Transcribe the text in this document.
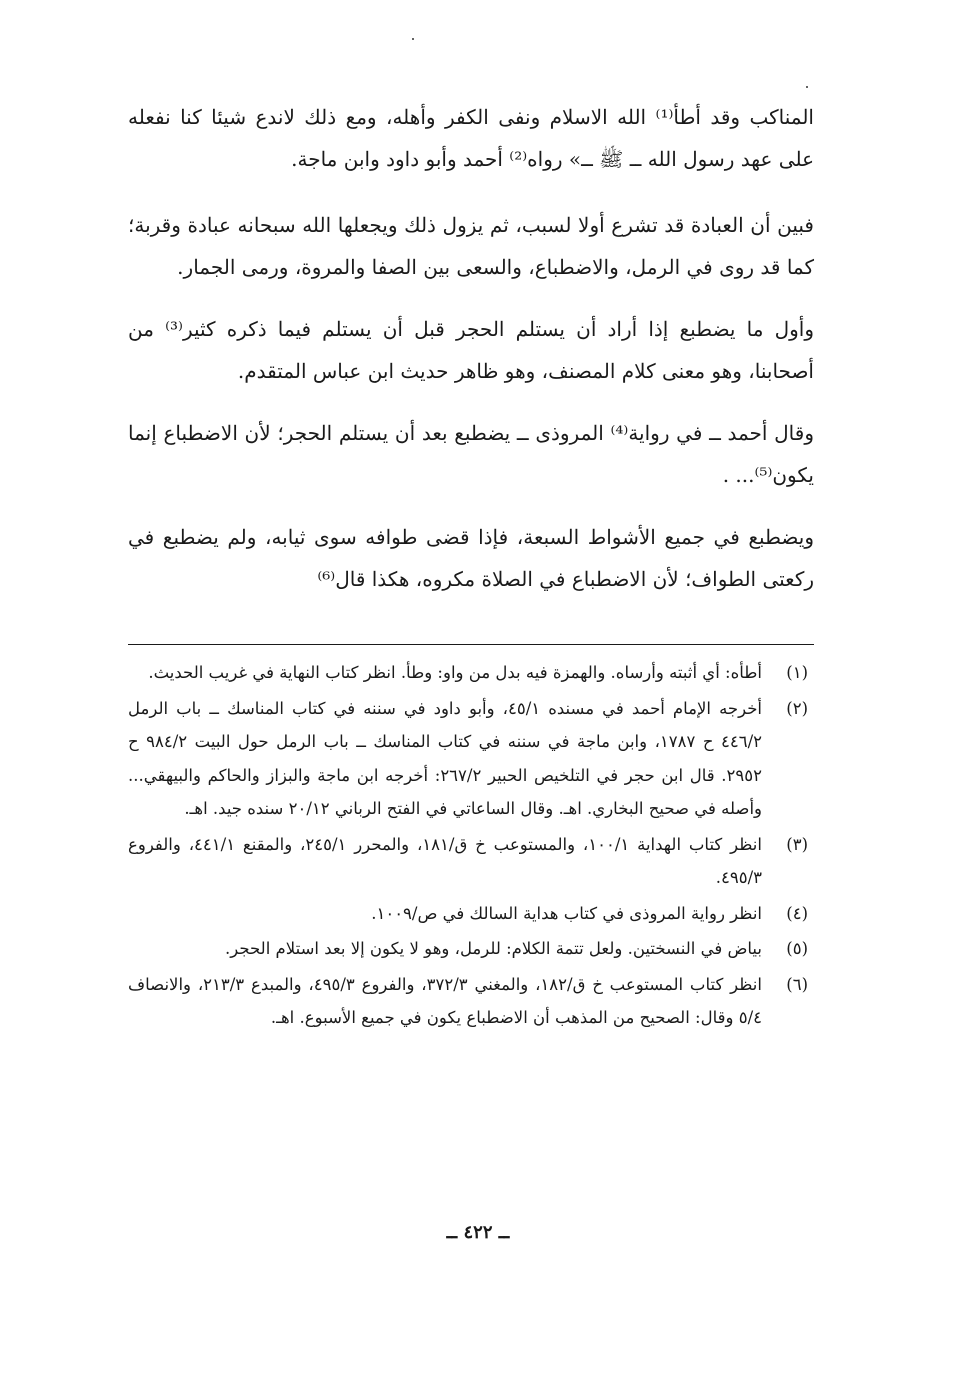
المناكب وقد أطأ⁽¹⁾ الله الاسلام ونفى الكفر وأهله، ومع ذلك لاندع شيئا كنا نفعله على عهد رسول الله ــ ﷺ ــ» رواه⁽²⁾ أحمد وأبو داود وابن ماجة.

فبين أن العبادة قد تشرع أولا لسبب، ثم يزول ذلك ويجعلها الله سبحانه عبادة وقربة؛ كما قد روى في الرمل، والاضطباع، والسعى بين الصفا والمروة، ورمى الجمار.

وأول ما يضطبع إذا أراد أن يستلم الحجر قبل أن يستلم فيما ذكره كثير⁽³⁾ من أصحابنا، وهو معنى كلام المصنف، وهو ظاهر حديث ابن عباس المتقدم.

وقال أحمد ــ في رواية⁽⁴⁾ المروذى ــ يضطبع بعد أن يستلم الحجر؛ لأن الاضطباع إنما يكون⁽⁵⁾... .

ويضطبع في جميع الأشواط السبعة، فإذا قضى طوافه سوى ثيابه، ولم يضطبع في ركعتى الطواف؛ لأن الاضطباع في الصلاة مكروه، هكذا قال⁽⁶⁾

(١)
أطأه: أي أثبته وأرساه. والهمزة فيه بدل من واو: وطأ. انظر كتاب النهاية في غريب الحديث.
(٢)
أخرجه الإمام أحمد في مسنده ٤٥/١، وأبو داود في سننه في كتاب المناسك ــ باب الرمل ٤٤٦/٢ ح ١٧٨٧، وابن ماجة في سننه في كتاب المناسك ــ باب الرمل حول البيت ٩٨٤/٢ ح ٢٩٥٢. قال ابن حجر في التلخيص الحبير ٢٦٧/٢: أخرجه ابن ماجة والبزاز والحاكم والبيهقي... وأصله في صحيح البخاري. اهـ. وقال الساعاتي في الفتح الرباني ٢٠/١٢ سنده جيد. اهـ.
(٣)
انظر كتاب الهداية ١٠٠/١، والمستوعب خ ق/١٨١، والمحرر ٢٤٥/١، والمقنع ٤٤١/١، والفروع ٤٩٥/٣.
(٤)
انظر رواية المروذى في كتاب هداية السالك في ص/١٠٠٩.
(٥)
بياض في النسختين. ولعل تتمة الكلام: للرمل، وهو لا يكون إلا بعد استلام الحجر.
(٦)
انظر كتاب المستوعب خ ق/١٨٢، والمغني ٣٧٢/٣، والفروع ٤٩٥/٣، والمبدع ٢١٣/٣، والانصاف ٥/٤ وقال: الصحيح من المذهب أن الاضطباع يكون في جميع الأسبوع. اهـ.
ــ ٤٢٢ ــ
